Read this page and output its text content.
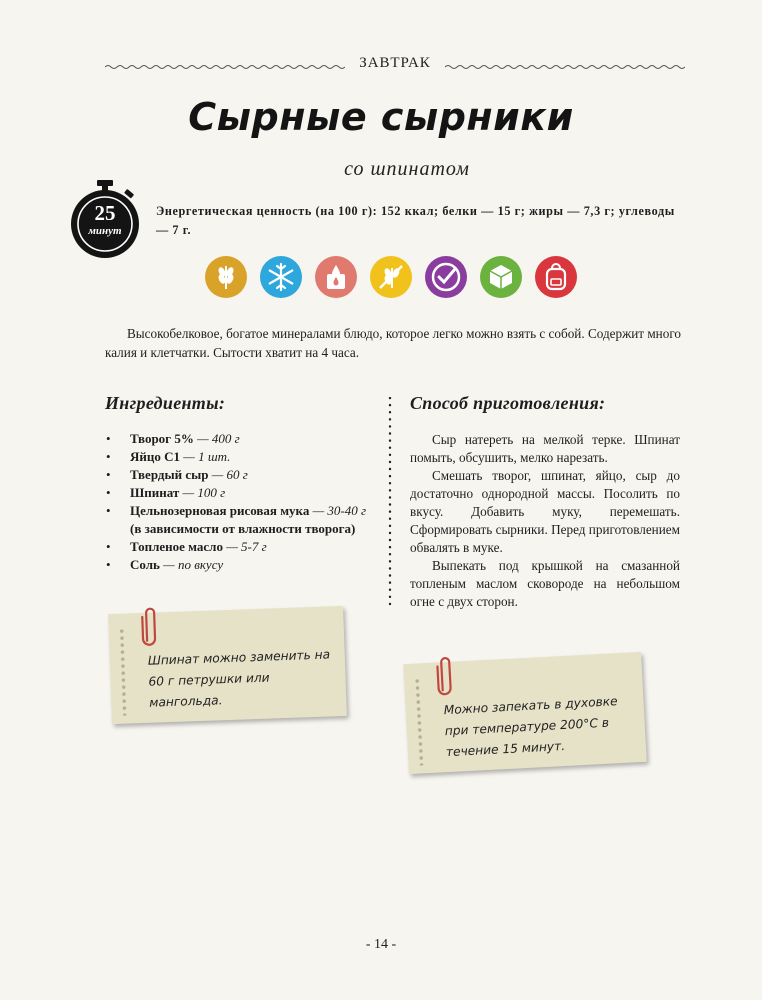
ЗАВТРАК
Сырные сырники
со шпинатом
25
минут
Энергетическая ценность (на 100 г): 152 ккал; белки — 15 г; жиры — 7,3 г; углеводы — 7 г.
Высокобелковое, богатое минералами блюдо, которое легко можно взять с собой. Содержит много калия и клетчатки. Сытости хватит на 4 часа.
Ингредиенты:
• Творог 5% — 400 г
• Яйцо С1 — 1 шт.
• Твердый сыр — 60 г
• Шпинат — 100 г
• Цельнозерновая рисовая мука — 30-40 г
(в зависимости от влажности творога)
• Топленое масло — 5-7 г
• Соль — по вкусу
Способ приготовления:

Сыр натереть на мелкой терке. Шпинат помыть, обсушить, мелко нарезать.

Смешать творог, шпинат, яйцо, сыр до достаточно однородной массы. Посолить по вкусу. Добавить муку, перемешать. Сформировать сырники. Перед приготовлением обвалять в муке.

Выпекать под крышкой на смазанной топленым маслом сковороде на небольшом огне с двух сторон.

Шпинат можно заменить на 60 г петрушки или мангольда.	Можно запекать в духовке при температуре 200°С в течение 15 минут.
- 14 -
